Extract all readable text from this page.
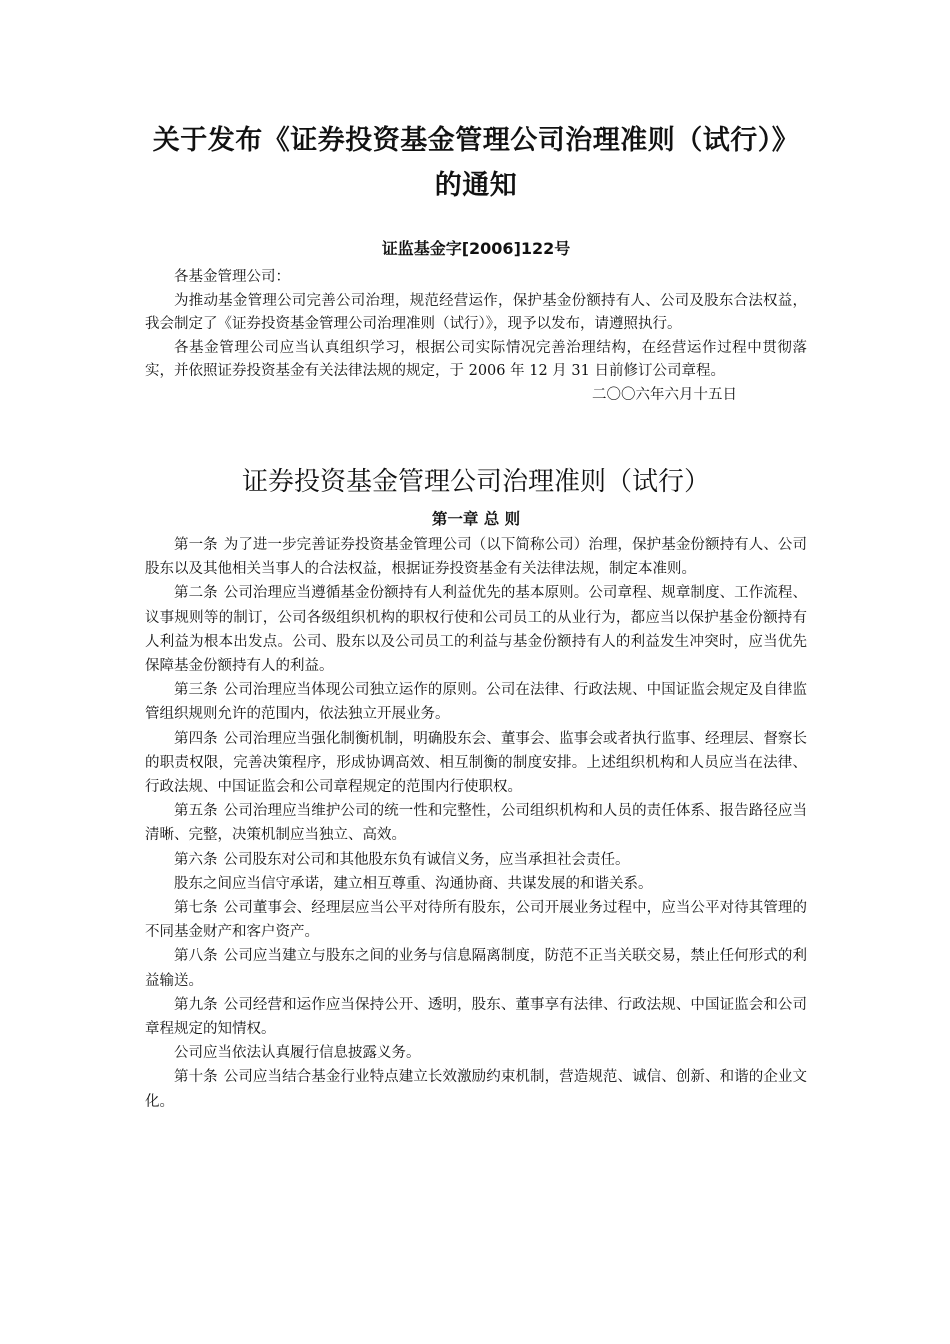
关于发布《证券投资基金管理公司治理准则（试行）》的通知
证监基金字[2006]122号

各基金管理公司：

为推动基金管理公司完善公司治理，规范经营运作，保护基金份额持有人、公司及股东合法权益，我会制定了《证券投资基金管理公司治理准则（试行）》，现予以发布，请遵照执行。

各基金管理公司应当认真组织学习，根据公司实际情况完善治理结构，在经营运作过程中贯彻落实，并依照证券投资基金有关法律法规的规定，于 2006 年 12 月 31 日前修订公司章程。

二〇〇六年六月十五日

证券投资基金管理公司治理准则（试行）
第一章 总 则

第一条 为了进一步完善证券投资基金管理公司（以下简称公司）治理，保护基金份额持有人、公司股东以及其他相关当事人的合法权益，根据证券投资基金有关法律法规，制定本准则。

第二条 公司治理应当遵循基金份额持有人利益优先的基本原则。公司章程、规章制度、工作流程、议事规则等的制订，公司各级组织机构的职权行使和公司员工的从业行为，都应当以保护基金份额持有人利益为根本出发点。公司、股东以及公司员工的利益与基金份额持有人的利益发生冲突时，应当优先保障基金份额持有人的利益。

第三条 公司治理应当体现公司独立运作的原则。公司在法律、行政法规、中国证监会规定及自律监管组织规则允许的范围内，依法独立开展业务。

第四条 公司治理应当强化制衡机制，明确股东会、董事会、监事会或者执行监事、经理层、督察长的职责权限，完善决策程序，形成协调高效、相互制衡的制度安排。上述组织机构和人员应当在法律、行政法规、中国证监会和公司章程规定的范围内行使职权。

第五条 公司治理应当维护公司的统一性和完整性，公司组织机构和人员的责任体系、报告路径应当清晰、完整，决策机制应当独立、高效。

第六条 公司股东对公司和其他股东负有诚信义务，应当承担社会责任。

股东之间应当信守承诺，建立相互尊重、沟通协商、共谋发展的和谐关系。

第七条 公司董事会、经理层应当公平对待所有股东，公司开展业务过程中，应当公平对待其管理的不同基金财产和客户资产。

第八条 公司应当建立与股东之间的业务与信息隔离制度，防范不正当关联交易，禁止任何形式的利益输送。

第九条 公司经营和运作应当保持公开、透明，股东、董事享有法律、行政法规、中国证监会和公司章程规定的知情权。

公司应当依法认真履行信息披露义务。

第十条 公司应当结合基金行业特点建立长效激励约束机制，营造规范、诚信、创新、和谐的企业文化。
